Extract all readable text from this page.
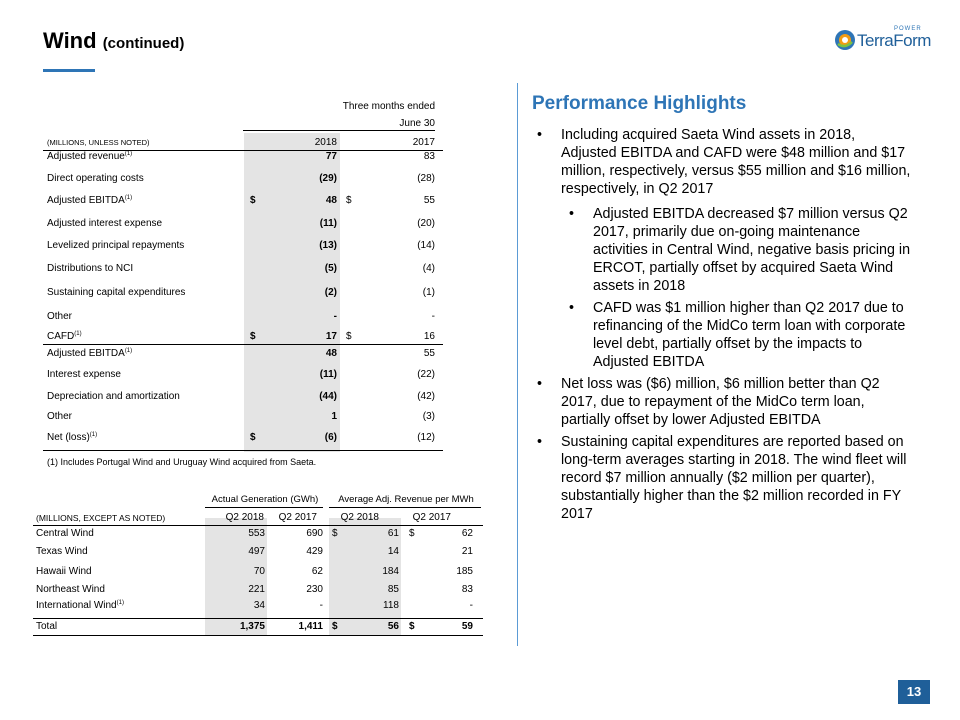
Wind (continued)
POWER
TerraForm
Three months ended
June 30
(MILLIONS, UNLESS NOTED)	2018	2017
Adjusted revenue$^{(1)}$	77	83
Direct operating costs	(29)	(28)
Adjusted EBITDA$^{(1)}$	$	48 $	55
Adjusted interest expense	(11)	(20)
Levelized principal repayments	(13)	(14)
Distributions to NCI	(5)	(4)
Sustaining capital expenditures	(2)	(1)
Other	-	-
CAFD$^{(1)}$	$	17 $	16
Adjusted EBITDA$^{(1)}$	48	55
Interest expense	(11)	(22)
Depreciation and amortization	(44)	(42)
Other	1	(3)
Net (loss)$^{(1)}$	$	(6)	(12)
(1) Includes Portugal Wind and Uruguay Wind acquired from Saeta.
Actual Generation (GWh)	Average Adj. Revenue per MWh
(MILLIONS, EXCEPT AS NOTED)	Q2 2018	Q2 2017	Q2 2018	Q2 2017
Central Wind	553	690 $	61 $	62
Texas Wind	497	429	14	21
Hawaii Wind	70	62	184	185
Northeast Wind	221	230	85	83
International Wind$^{(1)}$	34	-	118	-
Total	1,375	1,411 $	56 $	59
Performance Highlights
• Including acquired Saeta Wind assets in 2018, Adjusted EBITDA and CAFD were $48 million and $17 million, respectively, versus $55 million and $16 million, respectively, in Q2 2017
• Adjusted EBITDA decreased $7 million versus Q2 2017, primarily due on-going maintenance activities in Central Wind, negative basis pricing in ERCOT, partially offset by acquired Saeta Wind assets in 2018
• CAFD was $1 million higher than Q2 2017 due to refinancing of the MidCo term loan with corporate level debt, partially offset by the impacts to Adjusted EBITDA
• Net loss was ($6) million, $6 million better than Q2 2017, due to repayment of the MidCo term loan, partially offset by lower Adjusted EBITDA
• Sustaining capital expenditures are reported based on long-term averages starting in 2018. The wind fleet will record $7 million annually ($2 million per quarter), substantially higher than the $2 million recorded in FY 2017
13
